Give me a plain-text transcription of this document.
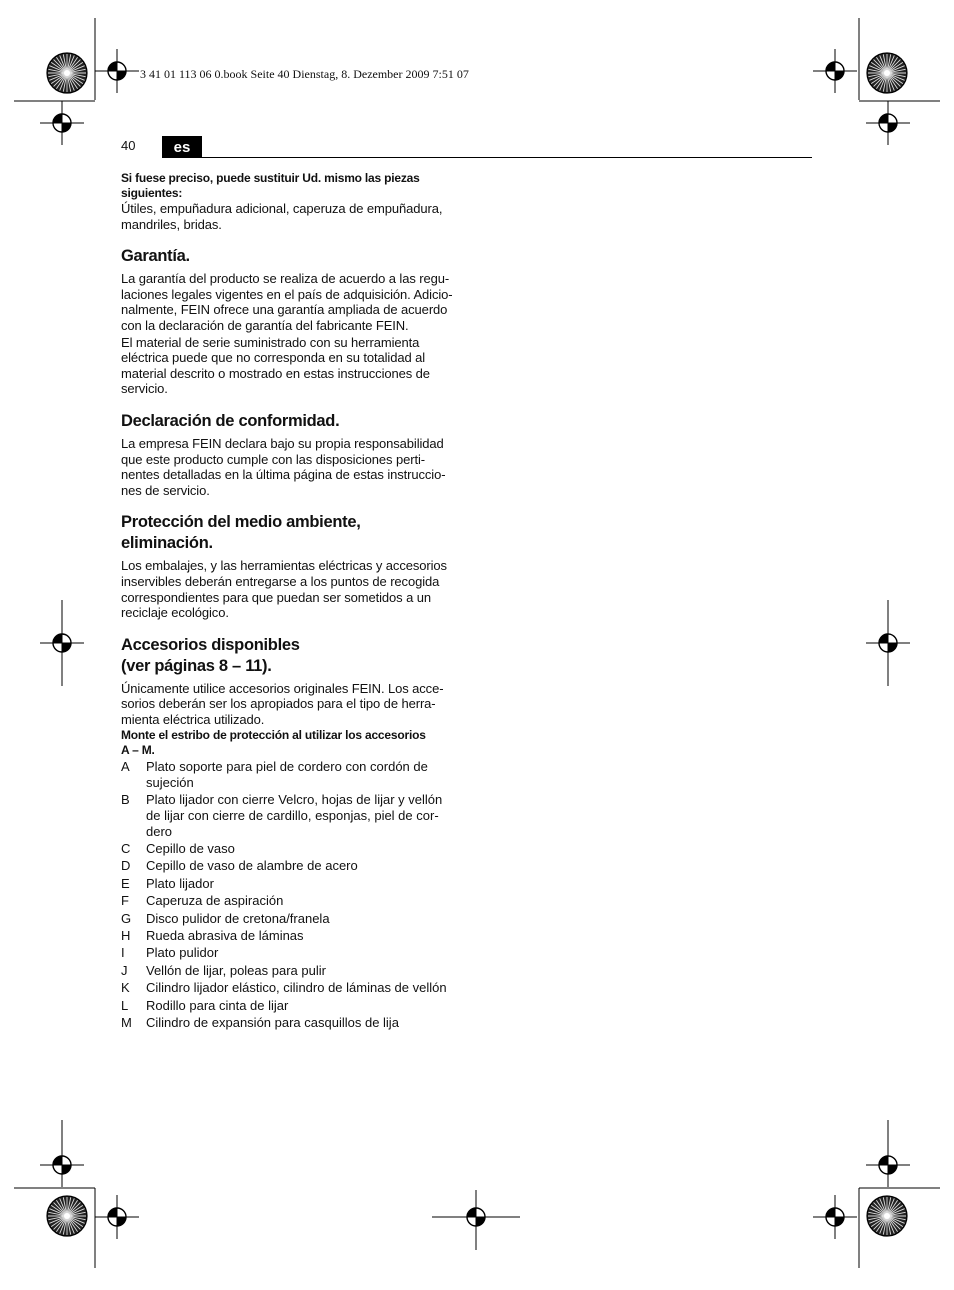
3 41 01 113 06 0.book Seite 40 Dienstag, 8. Dezember 2009 7:51 07
40	es
Si fuese preciso, puede sustituir Ud. mismo las piezas
siguientes:

Útiles, empuñadura adicional, caperuza de empuñadura,
mandriles, bridas.

Garantía.

La garantía del producto se realiza de acuerdo a las regu-
laciones legales vigentes en el país de adquisición. Adicio-
nalmente, FEIN ofrece una garantía ampliada de acuerdo
con la declaración de garantía del fabricante FEIN.

El material de serie suministrado con su herramienta
eléctrica puede que no corresponda en su totalidad al
material descrito o mostrado en estas instrucciones de
servicio.

Declaración de conformidad.

La empresa FEIN declara bajo su propia responsabilidad
que este producto cumple con las disposiciones perti-
nentes detalladas en la última página de estas instruccio-
nes de servicio.

Protección del medio ambiente,
eliminación.

Los embalajes, y las herramientas eléctricas y accesorios
inservibles deberán entregarse a los puntos de recogida
correspondientes para que puedan ser sometidos a un
reciclaje ecológico.

Accesorios disponibles
(ver páginas 8 – 11).

Únicamente utilice accesorios originales FEIN. Los acce-
sorios deberán ser los apropiados para el tipo de herra-
mienta eléctrica utilizado.

Monte el estribo de protección al utilizar los accesorios
A – M.
A	Plato soporte para piel de cordero con cordón de
sujeción
B	Plato lijador con cierre Velcro, hojas de lijar y vellón
de lijar con cierre de cardillo, esponjas, piel de cor-
dero
C	Cepillo de vaso
D	Cepillo de vaso de alambre de acero
E	Plato lijador
F	Caperuza de aspiración
G	Disco pulidor de cretona/franela
H	Rueda abrasiva de láminas
I	Plato pulidor
J	Vellón de lijar, poleas para pulir
K	Cilindro lijador elástico, cilindro de láminas de vellón
L	Rodillo para cinta de lijar
M	Cilindro de expansión para casquillos de lija
